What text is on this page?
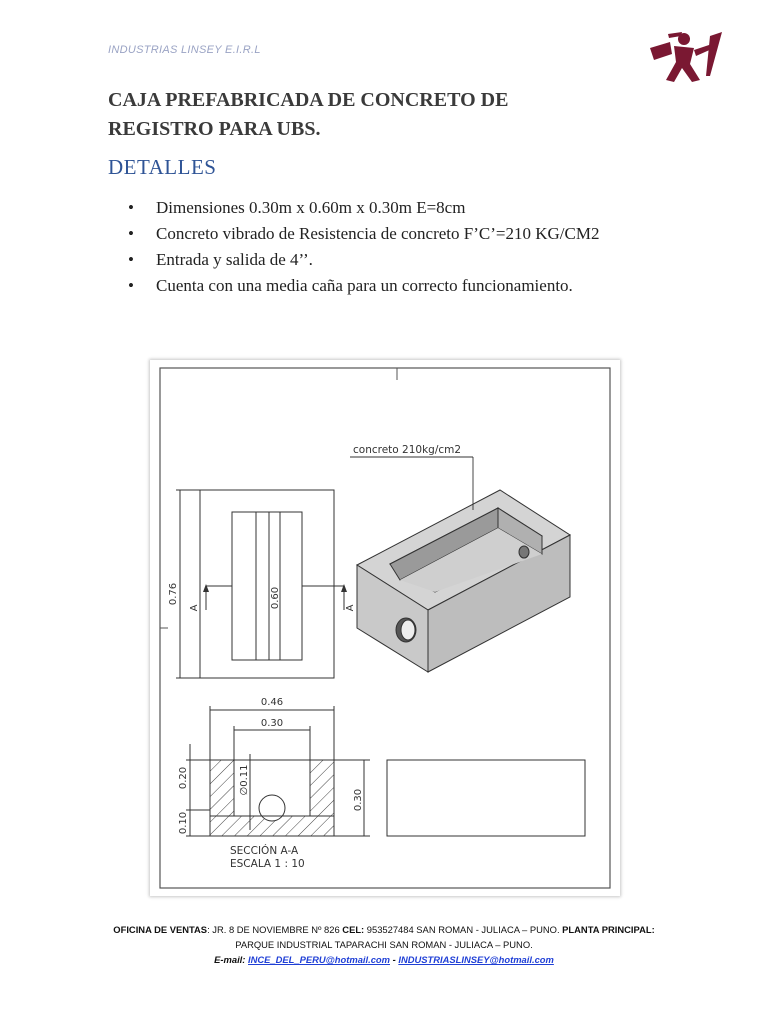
INDUSTRIAS LINSEY E.I.R.L
CAJA PREFABRICADA DE CONCRETO DE
REGISTRO PARA UBS.
DETALLES
• Dimensiones 0.30m x 0.60m x 0.30m E=8cm
• Concreto vibrado de Resistencia de concreto F’C’=210 KG/CM2
• Entrada y salida de 4’’.
• Cuenta con una media caña para un correcto funcionamiento.
0.76	0.60
A	A
concreto 210kg/cm2
0.46
0.30
0.20
0.10
∅0.11
0.30
SECCIÓN A-A
ESCALA 1 : 10
OFICINA DE VENTAS: JR. 8 DE NOVIEMBRE Nº 826 CEL: 953527484 SAN ROMAN - JULIACA – PUNO. PLANTA PRINCIPAL: PARQUE INDUSTRIAL TAPARACHI SAN ROMAN - JULIACA – PUNO.
E-mail: INCE_DEL_PERU@hotmail.com - INDUSTRIASLINSEY@hotmail.com
